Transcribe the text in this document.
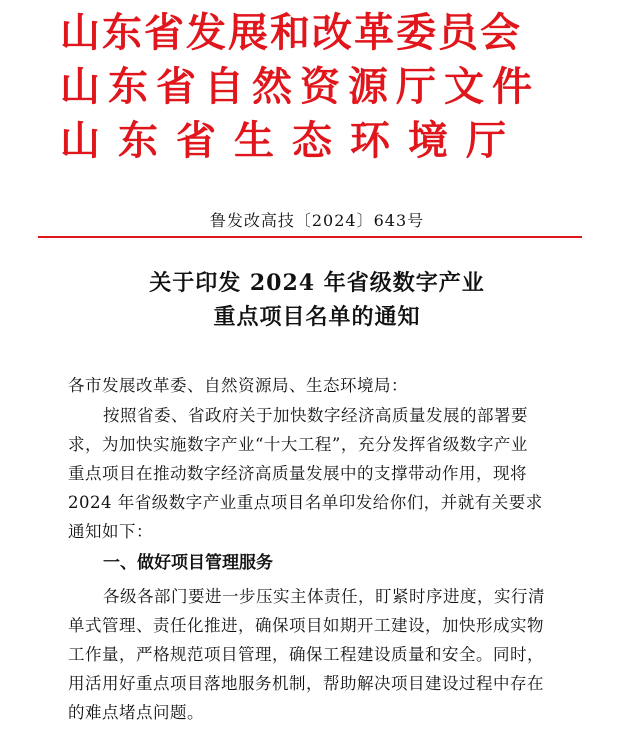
山东省发展和改革委员会
山东省自然资源厅文件
山东省生态环境厅
鲁发改高技〔2024〕643号
关于印发 2024 年省级数字产业
重点项目名单的通知
各市发展改革委、自然资源局、生态环境局：
按照省委、省政府关于加快数字经济高质量发展的部署要
求，为加快实施数字产业“十大工程”，充分发挥省级数字产业
重点项目在推动数字经济高质量发展中的支撑带动作用，现将
2024 年省级数字产业重点项目名单印发给你们，并就有关要求
通知如下：
一、做好项目管理服务
各级各部门要进一步压实主体责任，盯紧时序进度，实行清
单式管理、责任化推进，确保项目如期开工建设，加快形成实物
工作量，严格规范项目管理，确保工程建设质量和安全。同时，
用活用好重点项目落地服务机制，帮助解决项目建设过程中存在
的难点堵点问题。
